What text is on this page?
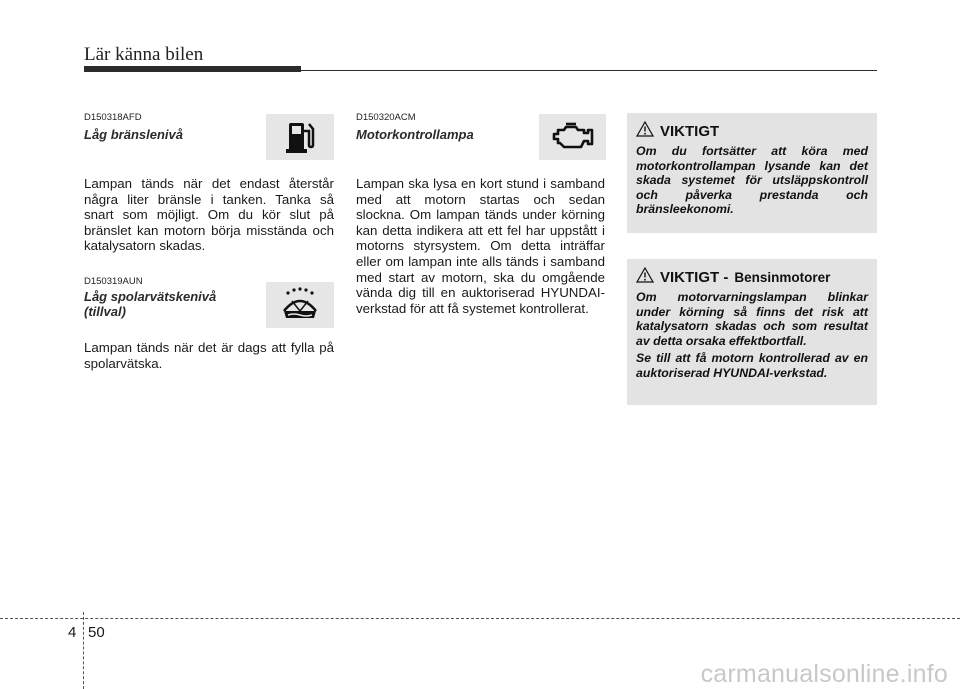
Lär känna bilen
D150318AFD
Låg bränslenivå
Lampan tänds när det endast återstår några liter bränsle i tanken. Tanka så snart som möjligt. Om du kör slut på bränslet kan motorn börja misstända och katalysatorn skadas.
D150319AUN
Låg spolarvätskenivå
(tillval)
Lampan tänds när det är dags att fylla på spolarvätska.
D150320ACM
Motorkontrollampa
Lampan ska lysa en kort stund i samband med att motorn startas och sedan slockna. Om lampan tänds under körning kan detta indikera att ett fel har uppstått i motorns styrsystem. Om detta inträffar eller om lampan inte alls tänds i samband med start av motorn, ska du omgående vända dig till en auktoriserad HYUNDAI-verkstad för att få systemet kontrollerat.
VIKTIGT
Om du fortsätter att köra med motorkontrollampan lysande kan det skada systemet för utsläppskontroll och påverka prestanda och bränsleekonomi.
VIKTIGT - Bensinmotorer
Om motorvarningslampan blinkar under körning så finns det risk att katalysatorn skadas och som resultat av detta orsaka effektbortfall.
Se till att få motorn kontrollerad av en auktoriserad HYUNDAI-verkstad.
4 50
carmanualsonline.info
